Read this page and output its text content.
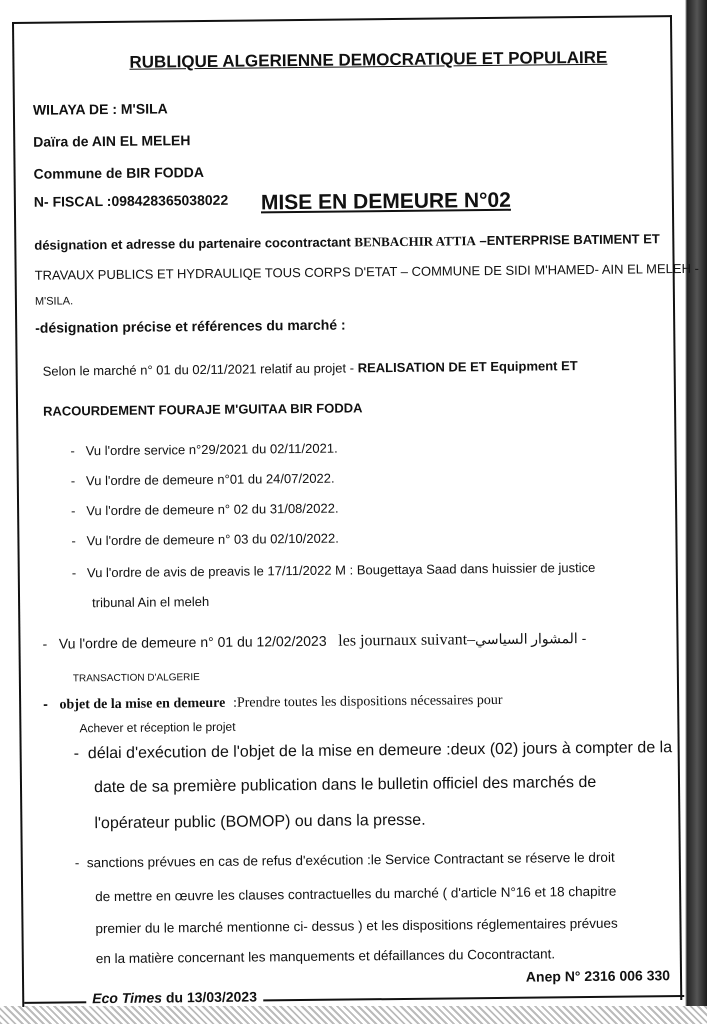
RUBLIQUE ALGERIENNE DEMOCRATIQUE ET POPULAIRE
WILAYA DE : M'SILA
Daïra de AIN EL MELEH
Commune de BIR FODDA
N- FISCAL :098428365038022 MISE EN DEMEURE N°02
désignation et adresse du partenaire cocontractant BENBACHIR ATTIA –ENTERPRISE BATIMENT ET
TRAVAUX PUBLICS ET HYDRAULIQE TOUS CORPS D'ETAT – COMMUNE DE SIDI M'HAMED- AIN EL MELEH -
M'SILA.
-désignation précise et références du marché :
Selon le marché n° 01 du 02/11/2021 relatif au projet - REALISATION DE ET Equipment ET
RACOURDEMENT FOURAJE M'GUITAA BIR FODDA
- Vu l'ordre service n°29/2021 du 02/11/2021.
- Vu l'ordre de demeure n°01 du 24/07/2022.
- Vu l'ordre de demeure n° 02 du 31/08/2022.
- Vu l'ordre de demeure n° 03 du 02/10/2022.
- Vu l'ordre de avis de preavis le 17/11/2022 M : Bougettaya Saad dans huissier de justice
tribunal Ain el meleh
- Vu l'ordre de demeure n° 01 du 12/02/2023 les journaux suivant–المشوار السياسي -
TRANSACTION D'ALGERIE
- objet de la mise en demeure :Prendre toutes les dispositions nécessaires pour
Achever et réception le projet
- délai d'exécution de l'objet de la mise en demeure :deux (02) jours à compter de la
date de sa première publication dans le bulletin officiel des marchés de
l'opérateur public (BOMOP) ou dans la presse.
- sanctions prévues en cas de refus d'exécution :le Service Contractant se réserve le droit
de mettre en œuvre les clauses contractuelles du marché ( d'article N°16 et 18 chapitre
premier du le marché mentionne ci- dessus ) et les dispositions réglementaires prévues
en la matière concernant les manquements et défaillances du Cocontractant.
Anep N° 2316 006 330
Eco Times du 13/03/2023
